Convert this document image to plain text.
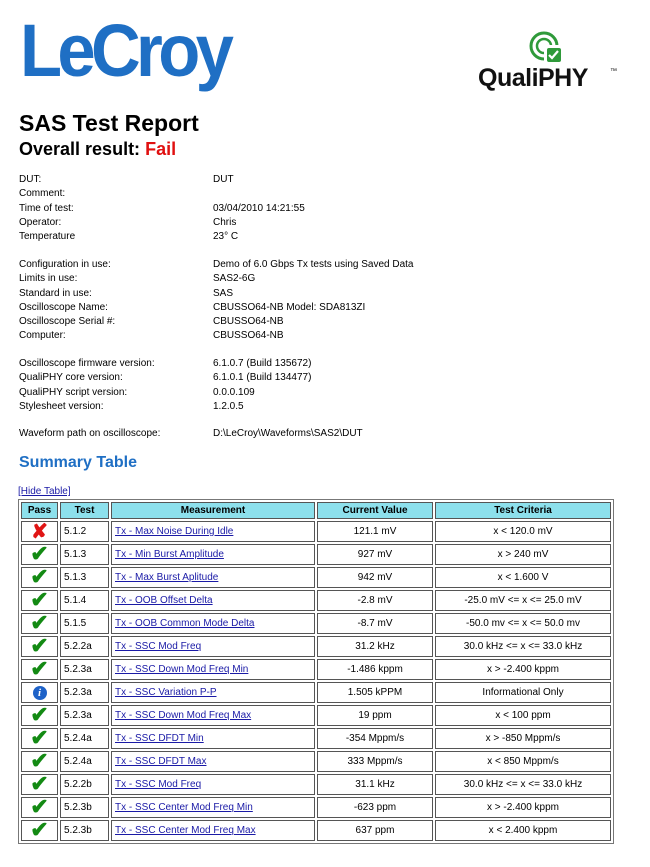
LeCroy	QualiPHY	™
SAS Test Report
Overall result: Fail
DUT:	DUT
Comment:
Time of test:	03/04/2010 14:21:55
Operator:	Chris
Temperature	23° C
Configuration in use:	Demo of 6.0 Gbps Tx tests using Saved Data
Limits in use:	SAS2-6G
Standard in use:	SAS
Oscilloscope Name:	CBUSSO64-NB Model: SDA813ZI
Oscilloscope Serial #:	CBUSSO64-NB
Computer:	CBUSSO64-NB
Oscilloscope firmware version:	6.1.0.7 (Build 135672)
QualiPHY core version:	6.1.0.1 (Build 134477)
QualiPHY script version:	0.0.0.109
Stylesheet version:	1.2.0.5
Waveform path on oscilloscope:	D:\LeCroy\Waveforms\SAS2\DUT
Summary Table
[Hide Table]
Pass	Test	Measurement	Current Value	Test Criteria
✘	5.1.2	Tx - Max Noise During Idle	121.1 mV	x < 120.0 mV
✔	5.1.3	Tx - Min Burst Amplitude	927 mV	x > 240 mV
✔	5.1.3	Tx - Max Burst Aplitude	942 mV	x < 1.600 V
✔	5.1.4	Tx - OOB Offset Delta	-2.8 mV	-25.0 mV <= x <= 25.0 mV
✔	5.1.5	Tx - OOB Common Mode Delta	-8.7 mV	-50.0 mv <= x <= 50.0 mv
✔	5.2.2a	Tx - SSC Mod Freq	31.2 kHz	30.0 kHz <= x <= 33.0 kHz
✔	5.2.3a	Tx - SSC Down Mod Freq Min	-1.486 kppm	x > -2.400 kppm
i	5.2.3a	Tx - SSC Variation P-P	1.505 kPPM	Informational Only
✔	5.2.3a	Tx - SSC Down Mod Freq Max	19 ppm	x < 100 ppm
✔	5.2.4a	Tx - SSC DFDT Min	-354 Mppm/s	x > -850 Mppm/s
✔	5.2.4a	Tx - SSC DFDT Max	333 Mppm/s	x < 850 Mppm/s
✔	5.2.2b	Tx - SSC Mod Freq	31.1 kHz	30.0 kHz <= x <= 33.0 kHz
✔	5.2.3b	Tx - SSC Center Mod Freq Min	-623 ppm	x > -2.400 kppm
✔	5.2.3b	Tx - SSC Center Mod Freq Max	637 ppm	x < 2.400 kppm
